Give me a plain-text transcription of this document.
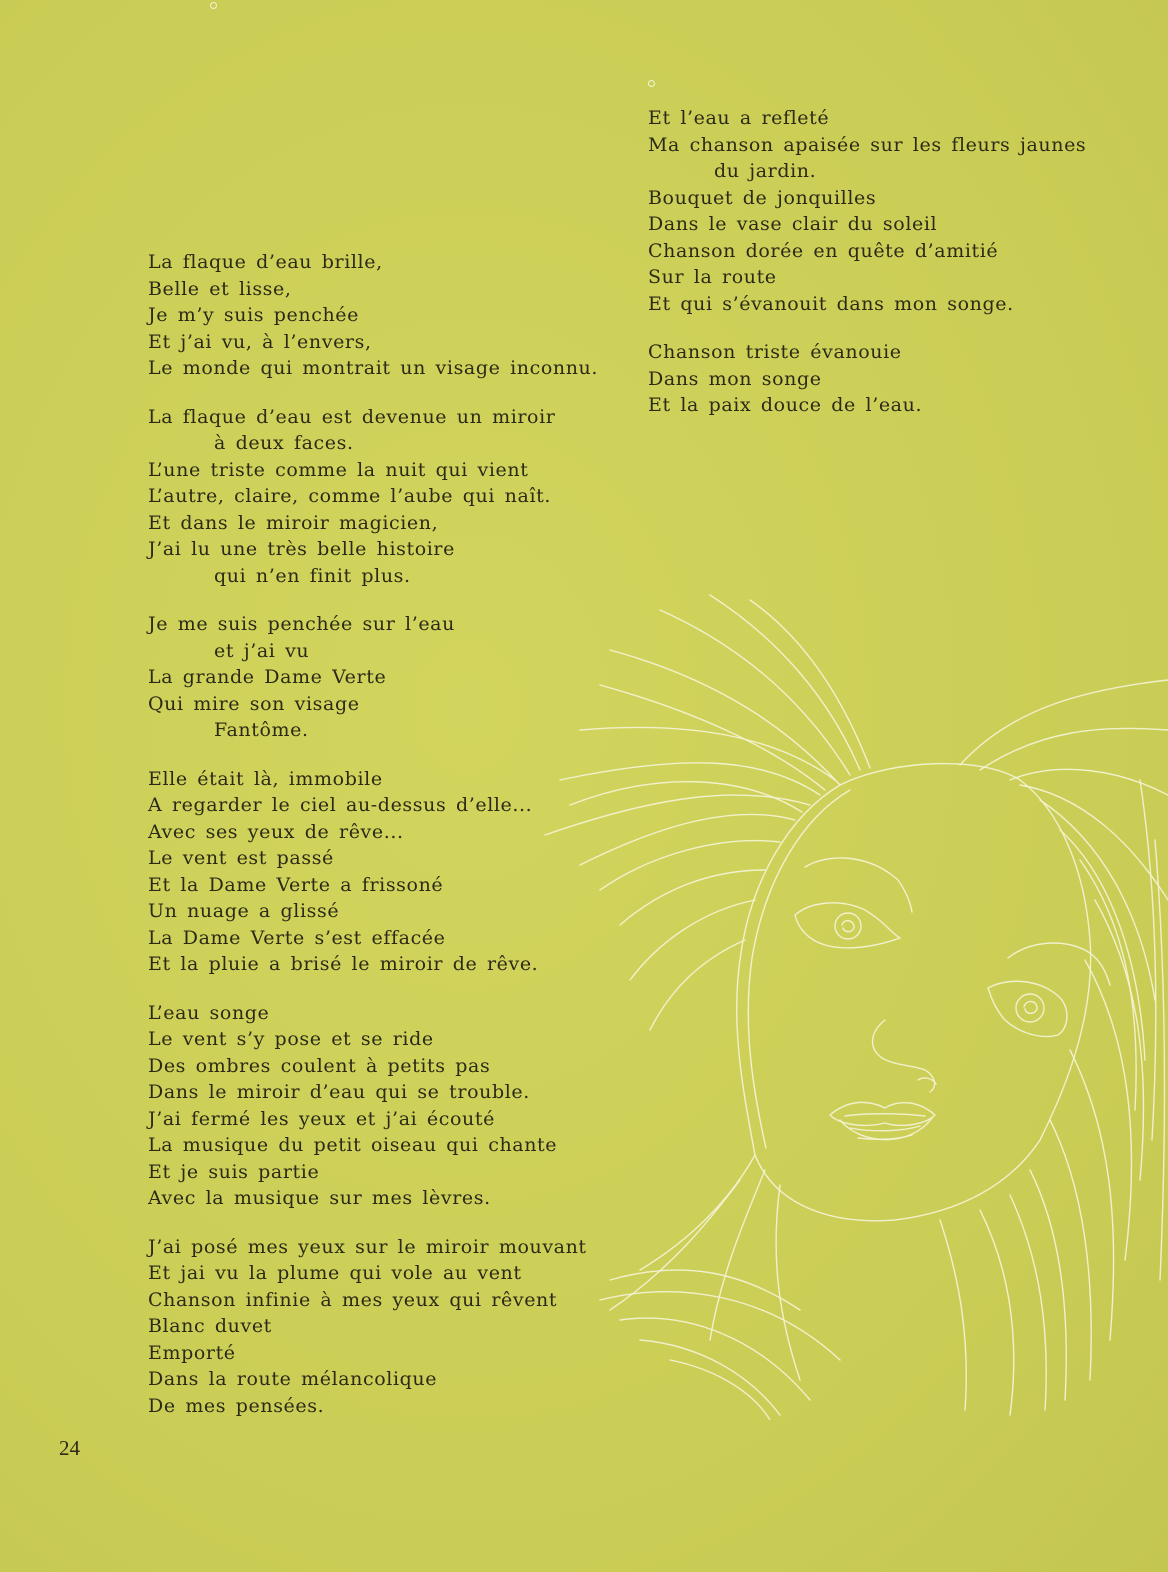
La flaque d’eau brille,
Belle et lisse,
Je m’y suis penchée
Et j’ai vu, à l’envers,
Le monde qui montrait un visage inconnu.
La flaque d’eau est devenue un miroir
à deux faces.
L’une triste comme la nuit qui vient
L’autre, claire, comme l’aube qui naît.
Et dans le miroir magicien,
J’ai lu une très belle histoire
qui n’en finit plus.
Je me suis penchée sur l’eau
et j’ai vu
La grande Dame Verte
Qui mire son visage
Fantôme.
Elle était là, immobile
A regarder le ciel au-dessus d’elle...
Avec ses yeux de rêve...
Le vent est passé
Et la Dame Verte a frissoné
Un nuage a glissé
La Dame Verte s’est effacée
Et la pluie a brisé le miroir de rêve.
L’eau songe
Le vent s’y pose et se ride
Des ombres coulent à petits pas
Dans le miroir d’eau qui se trouble.
J’ai fermé les yeux et j’ai écouté
La musique du petit oiseau qui chante
Et je suis partie
Avec la musique sur mes lèvres.
J’ai posé mes yeux sur le miroir mouvant
Et jai vu la plume qui vole au vent
Chanson infinie à mes yeux qui rêvent
Blanc duvet
Emporté
Dans la route mélancolique
De mes pensées.
Et l’eau a refleté
Ma chanson apaisée sur les fleurs jaunes
du jardin.
Bouquet de jonquilles
Dans le vase clair du soleil
Chanson dorée en quête d’amitié
Sur la route
Et qui s’évanouit dans mon songe.
Chanson triste évanouie
Dans mon songe
Et la paix douce de l’eau.
24
